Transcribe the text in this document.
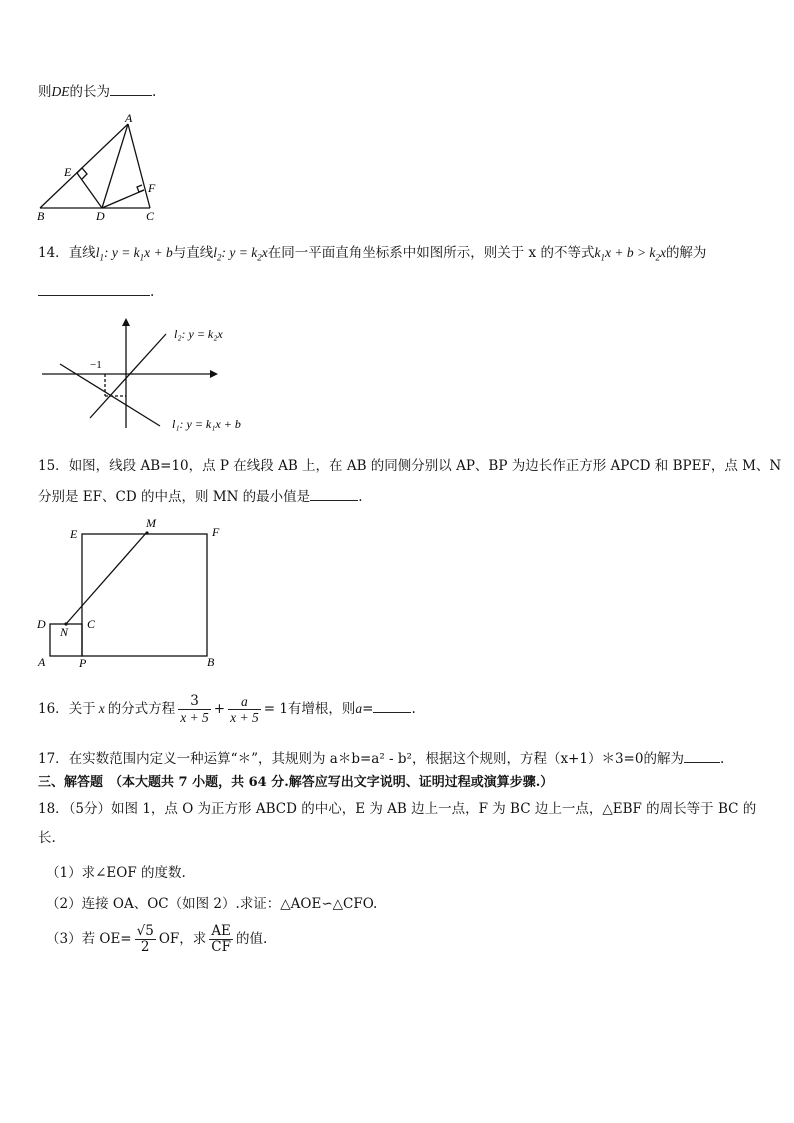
则DE的长为	.
A
E
F
B	D	C
14．直线$l_1$: $y = k_1x + b$与直线$l_2$: $y = k_2x$在同一平面直角坐标系中如图所示，则关于 x 的不等式$k_1x + b > k_2x$的解为
.
−1
l₂: y = k₂x
l₁: y = k₁x + b
15．如图，线段 AB=10，点 P 在线段 AB 上，在 AB 的同侧分别以 AP、BP 为边长作正方形 APCD 和 BPEF，点 M、N
分别是 EF、CD 的中点，则 MN 的最小值是	.
M
E	F
D	C
N
A	P	B
16．关于 x 的分式方程 $\frac{3}{x + 5} + \frac{a}{x + 5} = 1$有增根，则a=	.
17．在实数范围内定义一种运算“＊”，其规则为 a＊b=a² - b²，根据这个规则，方程（x+1）＊3=0的解为	.
三、解答题 （本大题共 7 小题，共 64 分.解答应写出文字说明、证明过程或演算步骤.）
18．（5分）如图 1，点 O 为正方形 ABCD 的中心，E 为 AB 边上一点，F 为 BC 边上一点，△EBF 的周长等于 BC 的
长.
（1）求∠EOF 的度数.
（2）连接 OA、OC（如图 2）.求证：△AOE∽△CFO.
（3）若 $OE= \frac{√5}{2}$ OF，求 $\frac{AE}{CF}$ 的值.
